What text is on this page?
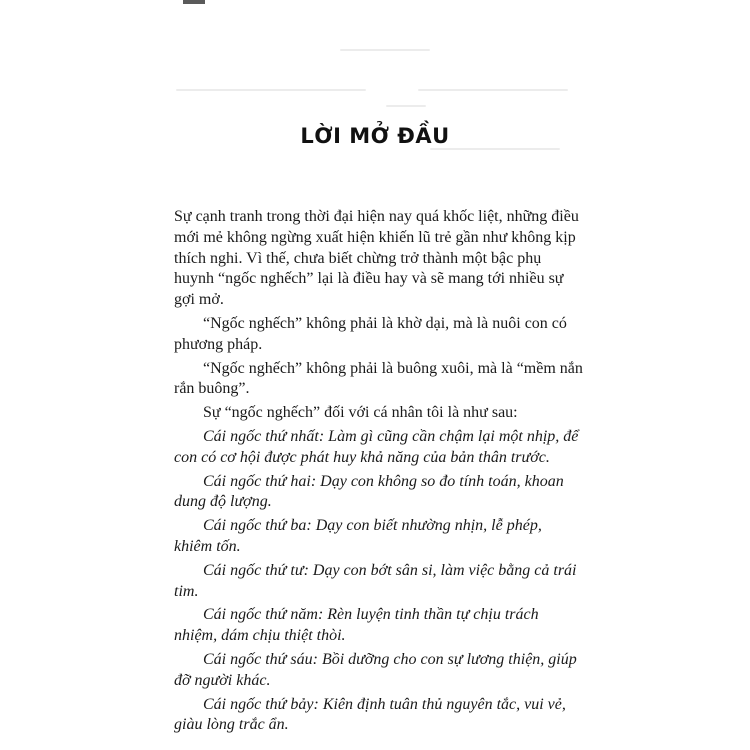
LỜI MỞ ĐẦU

Sự cạnh tranh trong thời đại hiện nay quá khốc liệt, những điều mới mẻ không ngừng xuất hiện khiến lũ trẻ gần như không kịp thích nghi. Vì thế, chưa biết chừng trở thành một bậc phụ huynh “ngốc nghếch” lại là điều hay và sẽ mang tới nhiều sự gợi mở.

“Ngốc nghếch” không phải là khờ dại, mà là nuôi con có phương pháp.

“Ngốc nghếch” không phải là buông xuôi, mà là “mềm nắn rắn buông”.

Sự “ngốc nghếch” đối với cá nhân tôi là như sau:

Cái ngốc thứ nhất: Làm gì cũng cần chậm lại một nhịp, để con có cơ hội được phát huy khả năng của bản thân trước.

Cái ngốc thứ hai: Dạy con không so đo tính toán, khoan dung độ lượng.

Cái ngốc thứ ba: Dạy con biết nhường nhịn, lễ phép, khiêm tốn.

Cái ngốc thứ tư: Dạy con bớt sân si, làm việc bằng cả trái tim.

Cái ngốc thứ năm: Rèn luyện tinh thần tự chịu trách nhiệm, dám chịu thiệt thòi.

Cái ngốc thứ sáu: Bồi dưỡng cho con sự lương thiện, giúp đỡ người khác.

Cái ngốc thứ bảy: Kiên định tuân thủ nguyên tắc, vui vẻ, giàu lòng trắc ẩn.
